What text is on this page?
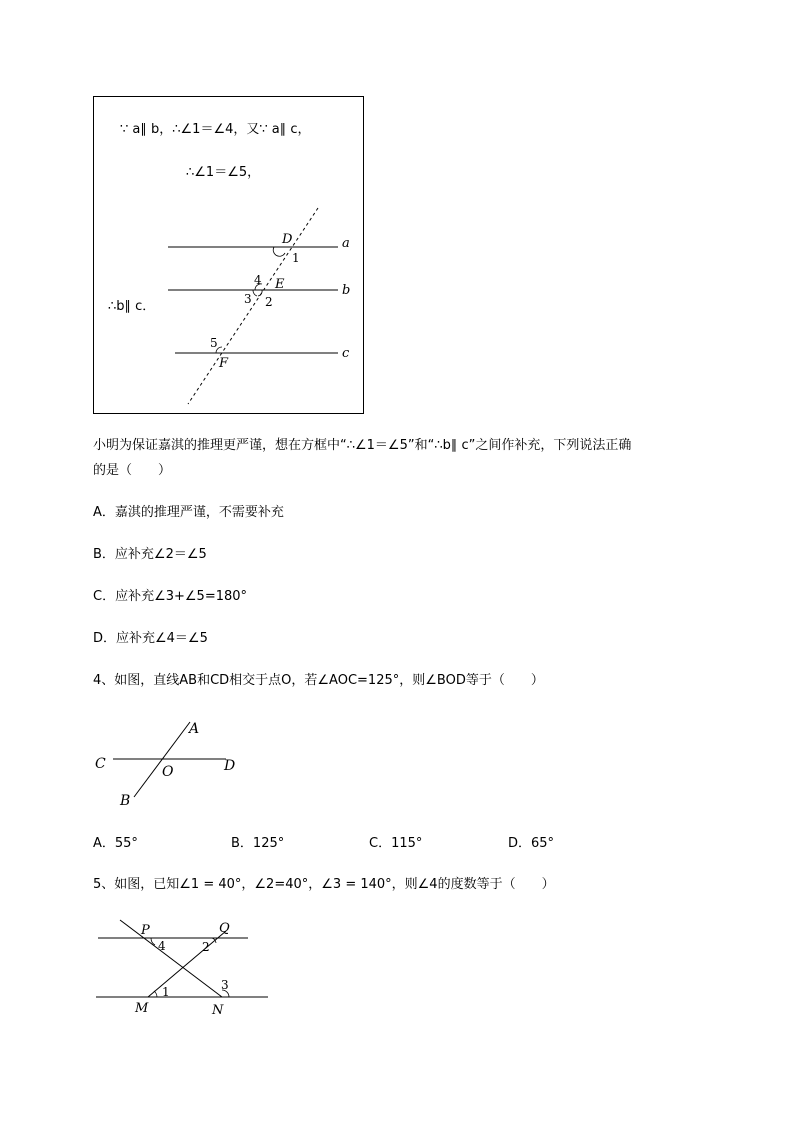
∵ a∥ b，∴∠1＝∠4，又∵ a∥ c，
∴∠1＝∠5，
∴b∥ c．
a
b
c
D
E
F
1
2
3
4
5
A
B
C	D
O
P	Q
M	N
1
2
3
4
小明为保证嘉淇的推理更严谨，想在方框中“∴∠1＝∠5”和“∴b∥ c”之间作补充，下列说法正确
的是（　　）
A．嘉淇的推理严谨，不需要补充
B．应补充∠2＝∠5
C．应补充∠3+∠5=180°
D．应补充∠4＝∠5
4、如图，直线AB和CD相交于点O，若∠AOC=125°，则∠BOD等于（　　）
A．55°	B．125°	C．115°	D．65°
5、如图，已知∠1 = 40°，∠2=40°，∠3 = 140°，则∠4的度数等于（　　）
